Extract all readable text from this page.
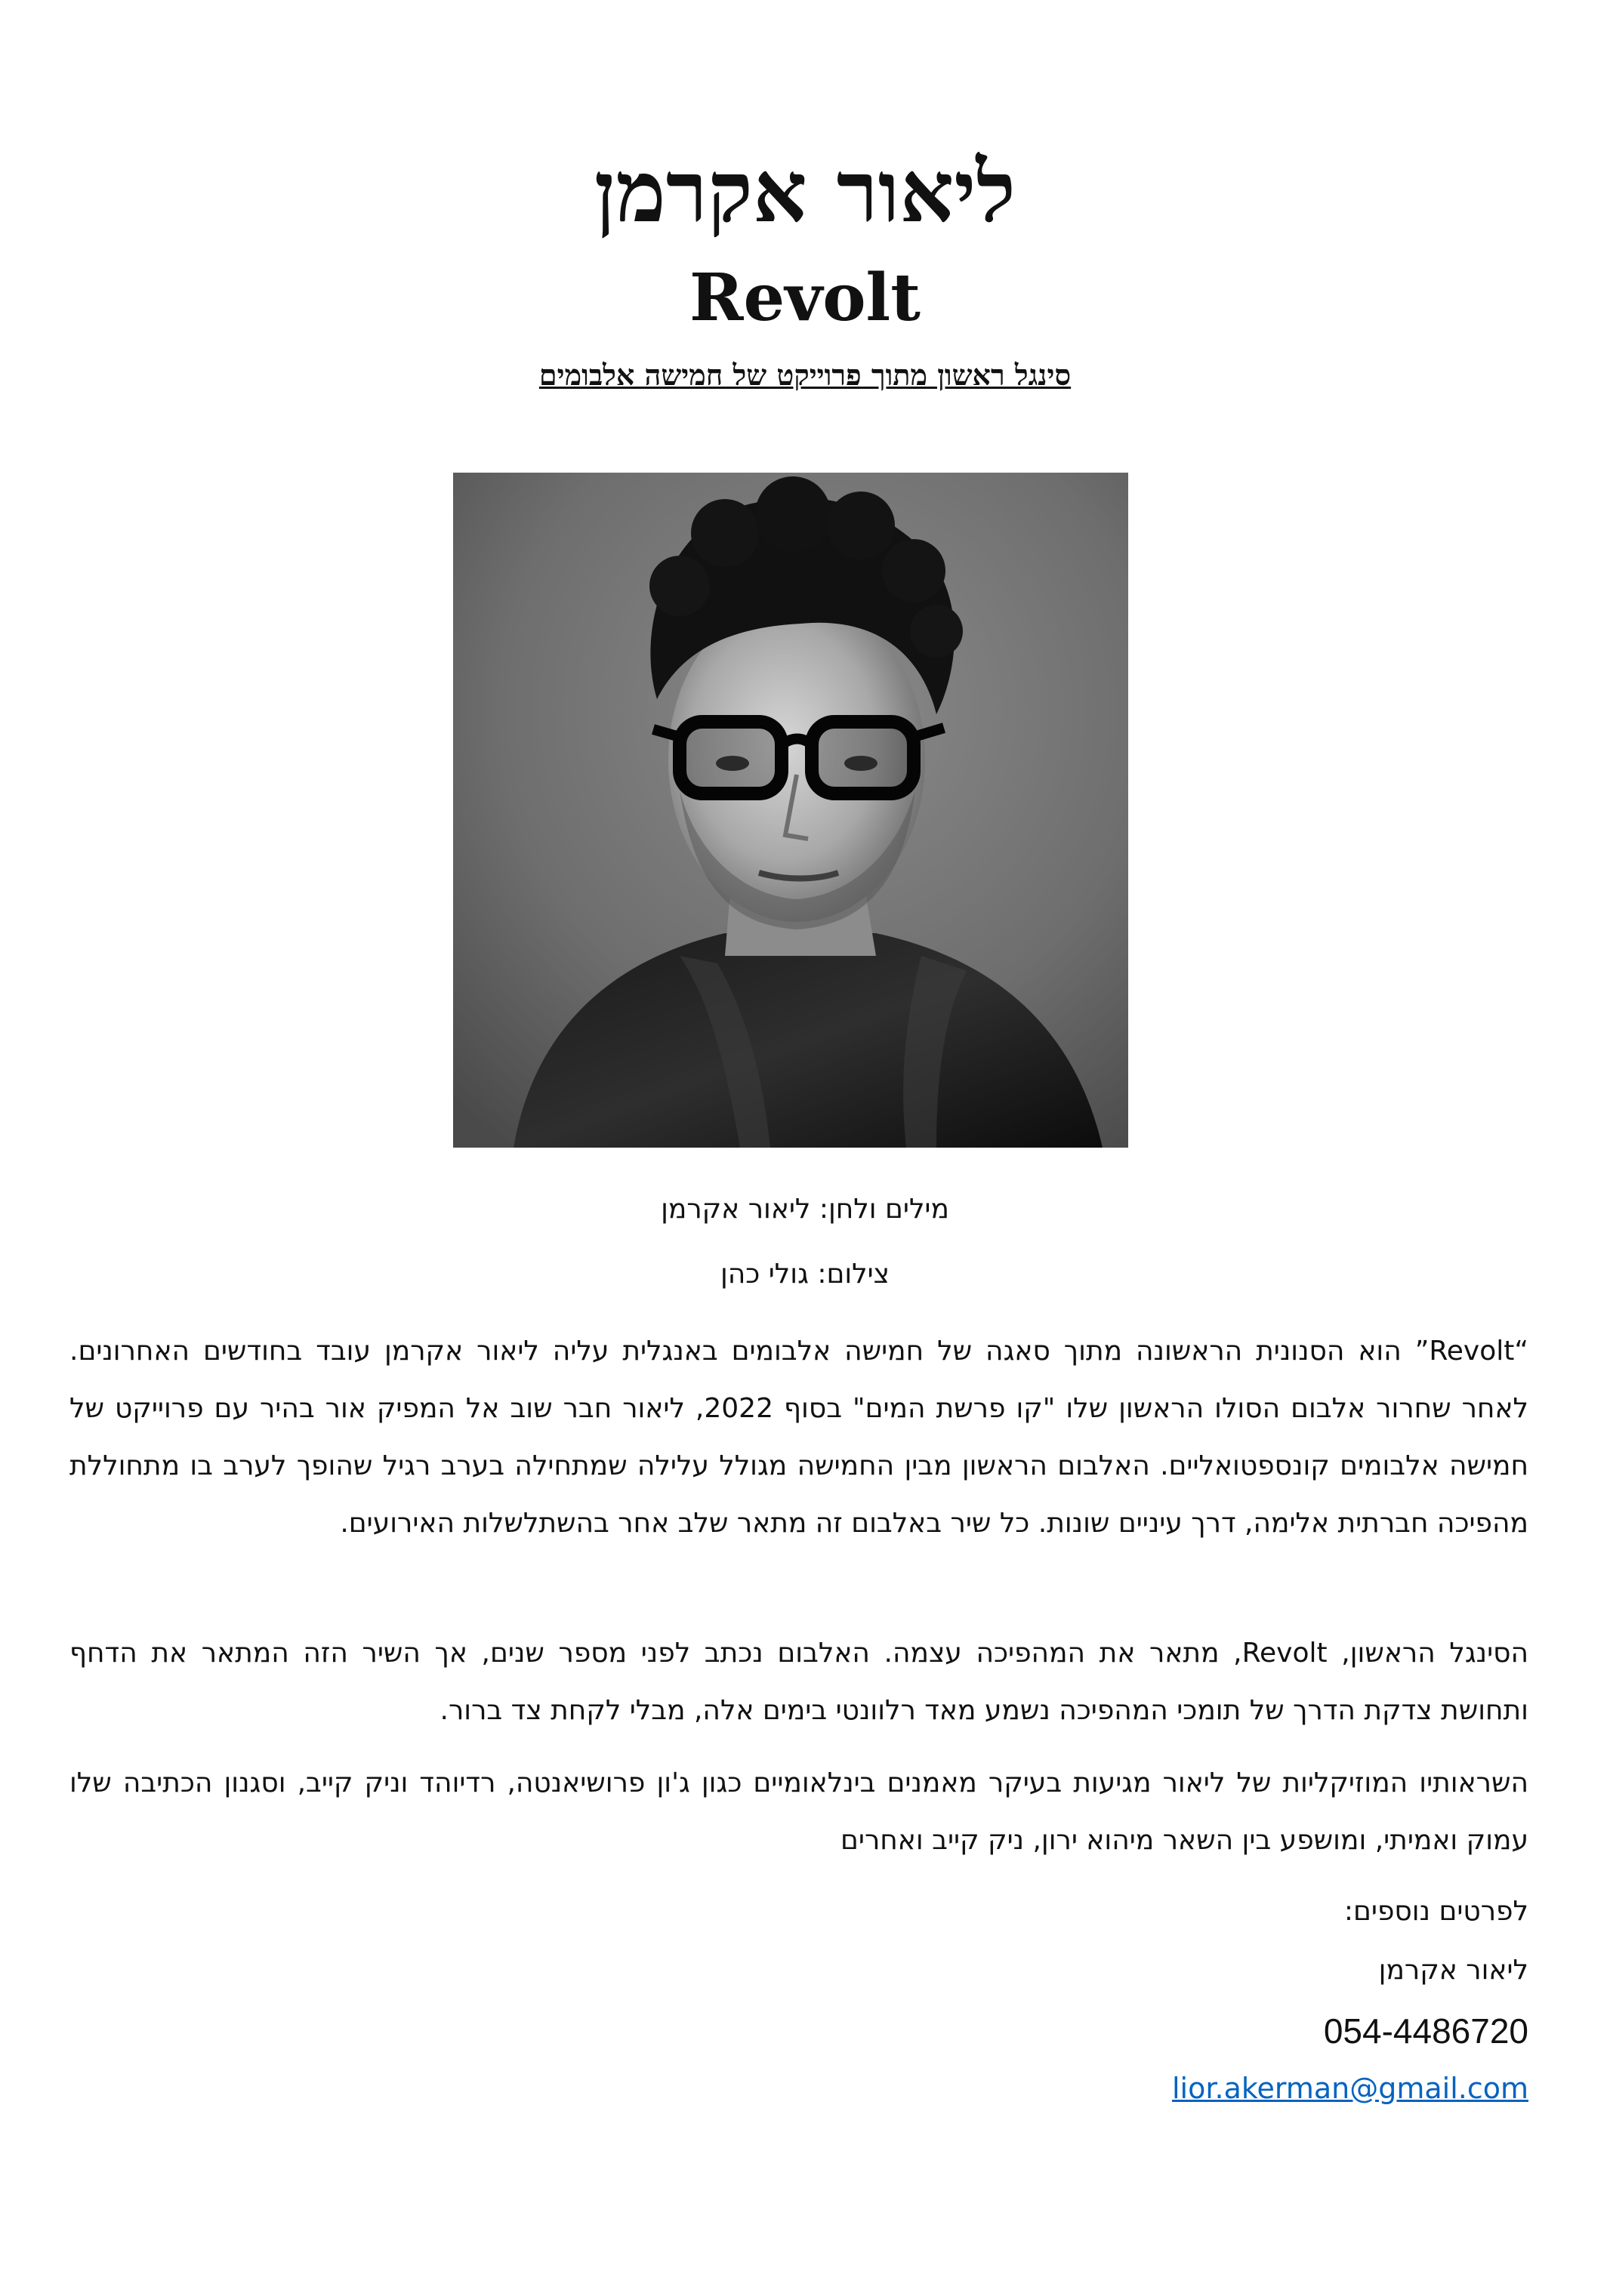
ליאור אקרמן
Revolt
סינגל ראשון מתוך פרוייקט של חמישה אלבומים

מילים ולחן: ליאור אקרמן

צילום: גולי כהן

“Revolt” הוא הסנונית הראשונה מתוך סאגה של חמישה אלבומים באנגלית עליה ליאור אקרמן עובד בחודשים האחרונים. לאחר שחרור אלבום הסולו הראשון שלו "קו פרשת המים" בסוף 2022, ליאור חבר שוב אל המפיק אור בהיר עם פרוייקט של חמישה אלבומים קונספטואליים. האלבום הראשון מבין החמישה מגולל עלילה שמתחילה בערב רגיל שהופך לערב בו מתחוללת מהפיכה חברתית אלימה, דרך עיניים שונות. כל שיר באלבום זה מתאר שלב אחר בהשתלשלות האירועים.

הסינגל הראשון, Revolt, מתאר את המהפיכה עצמה. האלבום נכתב לפני מספר שנים, אך השיר הזה המתאר את הדחף ותחושת צדקת הדרך של תומכי המהפיכה נשמע מאד רלוונטי בימים אלה, מבלי לקחת צד ברור.

השראותיו המוזיקליות של ליאור מגיעות בעיקר מאמנים בינלאומיים כגון ג'ון פרושיאנטה, רדיוהד וניק קייב, וסגנון הכתיבה שלו עמוק ואמיתי, ומושפע בין השאר מיהוא ירון, ניק קייב ואחרים

לפרטים נוספים:

ליאור אקרמן

054-4486720

lior.akerman@gmail.com
